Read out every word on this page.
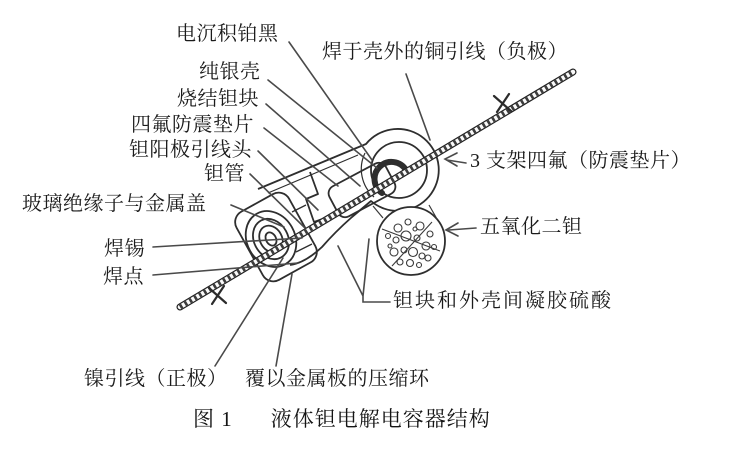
电沉积铂黑
纯银壳
烧结钽块
四氟防震垫片
钽阳极引线头
钽管
焊于壳外的铜引线（负极）
3 支架四氟（防震垫片）
玻璃绝缘子与金属盖
五氧化二钽
焊锡
焊点
钽块和外壳间凝胶硫酸
镍引线（正极） 覆以金属板的压缩环
图 1 液体钽电解电容器结构
